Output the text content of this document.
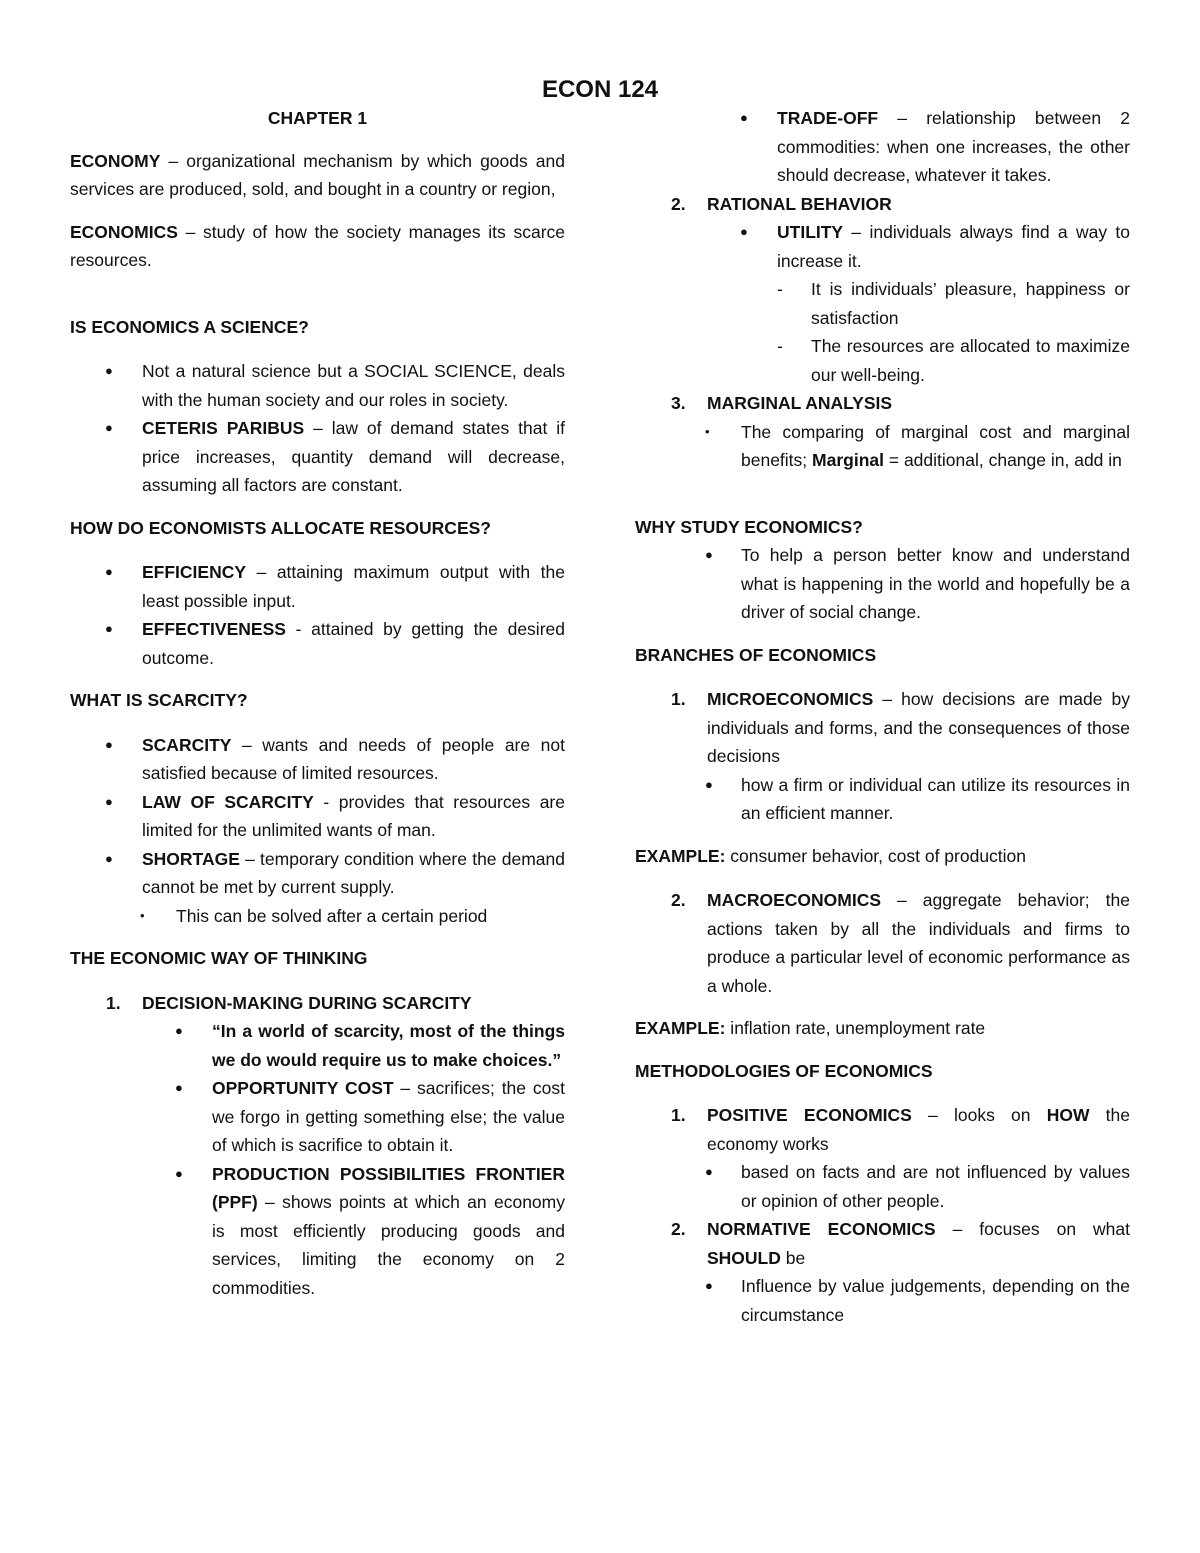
ECON 124

CHAPTER 1

ECONOMY – organizational mechanism by which goods and services are produced, sold, and bought in a country or region,

ECONOMICS – study of how the society manages its scarce resources.

IS ECONOMICS A SCIENCE?

● Not a natural science but a SOCIAL SCIENCE, deals with the human society and our roles in society.

● CETERIS PARIBUS – law of demand states that if price increases, quantity demand will decrease, assuming all factors are constant.

HOW DO ECONOMISTS ALLOCATE RESOURCES?

● EFFICIENCY – attaining maximum output with the least possible input.

● EFFECTIVENESS - attained by getting the desired outcome.

WHAT IS SCARCITY?

● SCARCITY – wants and needs of people are not satisfied because of limited resources.

● LAW OF SCARCITY - provides that resources are limited for the unlimited wants of man.

● SHORTAGE – temporary condition where the demand cannot be met by current supply.

• This can be solved after a certain period

THE ECONOMIC WAY OF THINKING

1. DECISION-MAKING DURING SCARCITY

● “In a world of scarcity, most of the things we do would require us to make choices.”

● OPPORTUNITY COST – sacrifices; the cost we forgo in getting something else; the value of which is sacrifice to obtain it.

● PRODUCTION POSSIBILITIES FRONTIER (PPF) – shows points at which an economy is most efficiently producing goods and services, limiting the economy on 2 commodities.

● TRADE-OFF – relationship between 2 commodities: when one increases, the other should decrease, whatever it takes.

2. RATIONAL BEHAVIOR

● UTILITY – individuals always find a way to increase it.

- It is individuals’ pleasure, happiness or satisfaction

- The resources are allocated to maximize our well-being.

3. MARGINAL ANALYSIS

• The comparing of marginal cost and marginal benefits; Marginal = additional, change in, add in

WHY STUDY ECONOMICS?

● To help a person better know and understand what is happening in the world and hopefully be a driver of social change.

BRANCHES OF ECONOMICS

1. MICROECONOMICS – how decisions are made by individuals and forms, and the consequences of those decisions

● how a firm or individual can utilize its resources in an efficient manner.

EXAMPLE: consumer behavior, cost of production

2. MACROECONOMICS – aggregate behavior; the actions taken by all the individuals and firms to produce a particular level of economic performance as a whole.

EXAMPLE: inflation rate, unemployment rate

METHODOLOGIES OF ECONOMICS

1. POSITIVE ECONOMICS – looks on HOW the economy works

● based on facts and are not influenced by values or opinion of other people.

2. NORMATIVE ECONOMICS – focuses on what SHOULD be

● Influence by value judgements, depending on the circumstance
